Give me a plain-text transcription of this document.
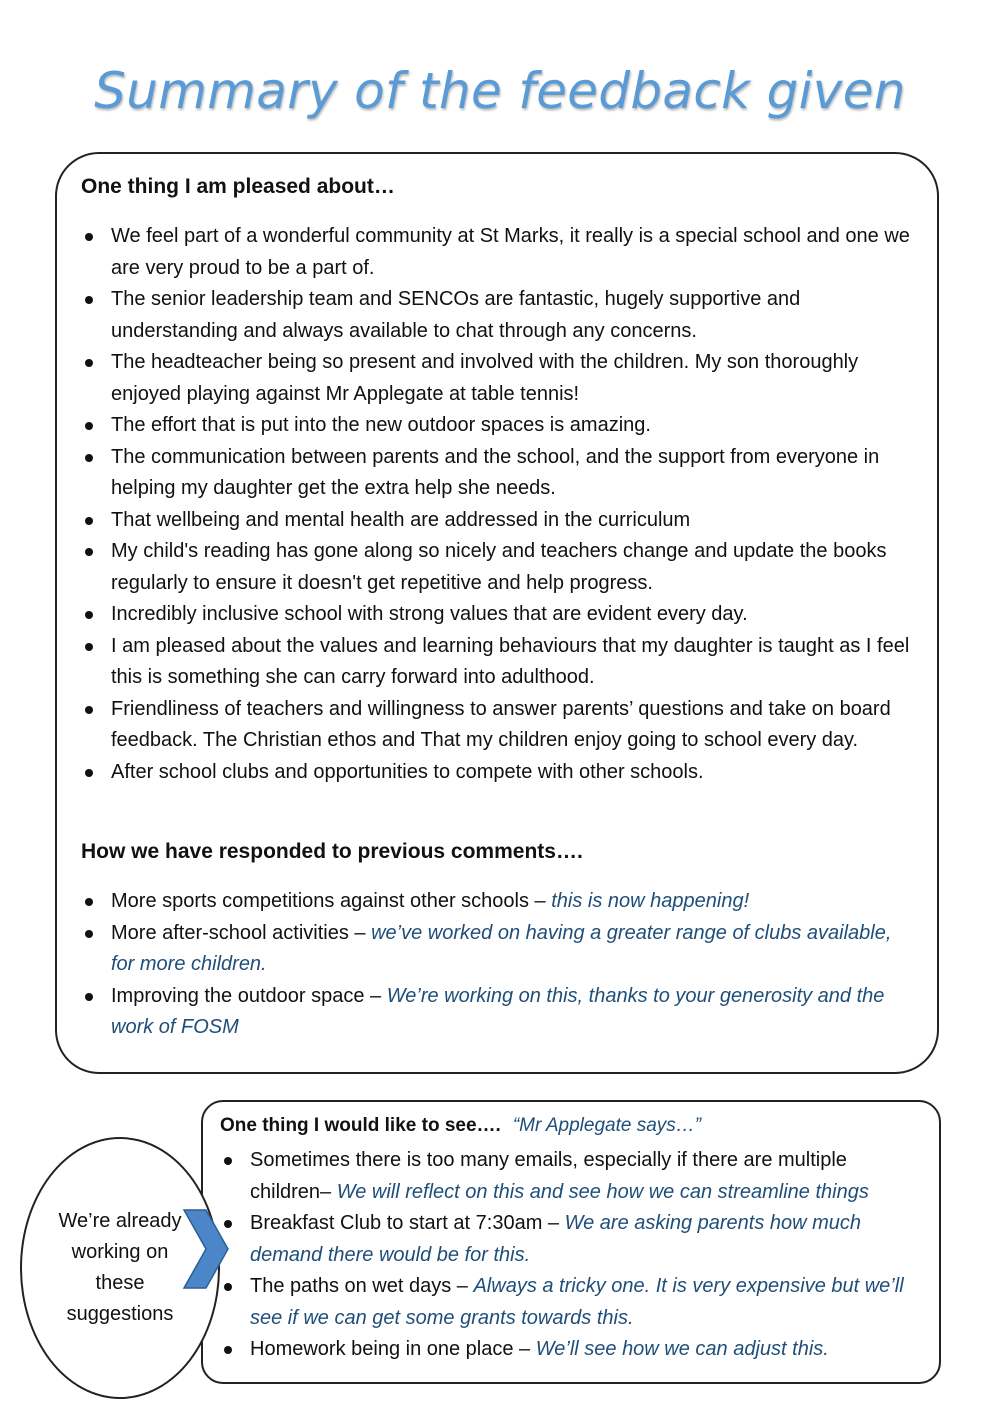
Summary of the feedback given
One thing I am pleased about…
We feel part of a wonderful community at St Marks, it really is a special school and one we are very proud to be a part of.
The senior leadership team and SENCOs are fantastic, hugely supportive and understanding and always available to chat through any concerns.
The headteacher being so present and involved with the children. My son thoroughly enjoyed playing against Mr Applegate at table tennis!
The effort that is put into the new outdoor spaces is amazing.
The communication between parents and the school, and the support from everyone in helping my daughter get the extra help she needs.
That wellbeing and mental health are addressed in the curriculum
My child's reading has gone along so nicely and teachers change and update the books regularly to ensure it doesn't get repetitive and help progress.
Incredibly inclusive school with strong values that are evident every day.
I am pleased about the values and learning behaviours that my daughter is taught as I feel this is something she can carry forward into adulthood.
Friendliness of teachers and willingness to answer parents’ questions and take on board feedback. The Christian ethos and That my children enjoy going to school every day.
After school clubs and opportunities to compete with other schools.
How we have responded to previous comments….
More sports competitions against other schools – this is now happening!
More after-school activities – we’ve worked on having a greater range of clubs available, for more children.
Improving the outdoor space – We’re working on this, thanks to your generosity and the work of FOSM
We’re already working on these suggestions
One thing I would like to see…. “Mr Applegate says…”
Sometimes there is too many emails, especially if there are multiple children– We will reflect on this and see how we can streamline things
Breakfast Club to start at 7:30am – We are asking parents how much demand there would be for this.
The paths on wet days – Always a tricky one. It is very expensive but we’ll see if we can get some grants towards this.
Homework being in one place – We’ll see how we can adjust this.
